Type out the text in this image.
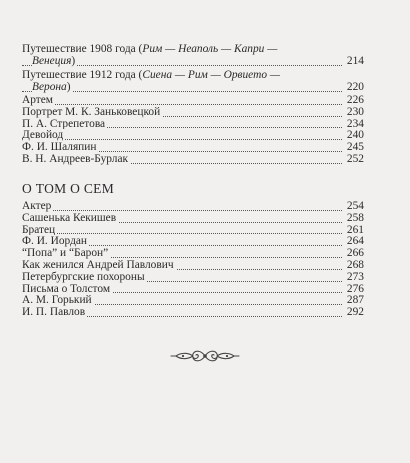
Путешествие 1908 года (Рим — Неаполь — Капри —
Венеция)	214
Путешествие 1912 года (Сиена — Рим — Орвието —
Верона)	220
Артем	226
Портрет М. К. Заньковецкой	230
П. А. Стрепетова	234
Девойод	240
Ф. И. Шаляпин	245
В. Н. Андреев-Бурлак	252
О ТОМ О СЕМ
Актер	254
Сашенька Кекишев	258
Братец	261
Ф. И. Иордан	264
“Попа” и “Барон”	266
Как женился Андрей Павлович	268
Петербургские похороны	273
Письма о Толстом	276
А. М. Горький	287
И. П. Павлов	292
